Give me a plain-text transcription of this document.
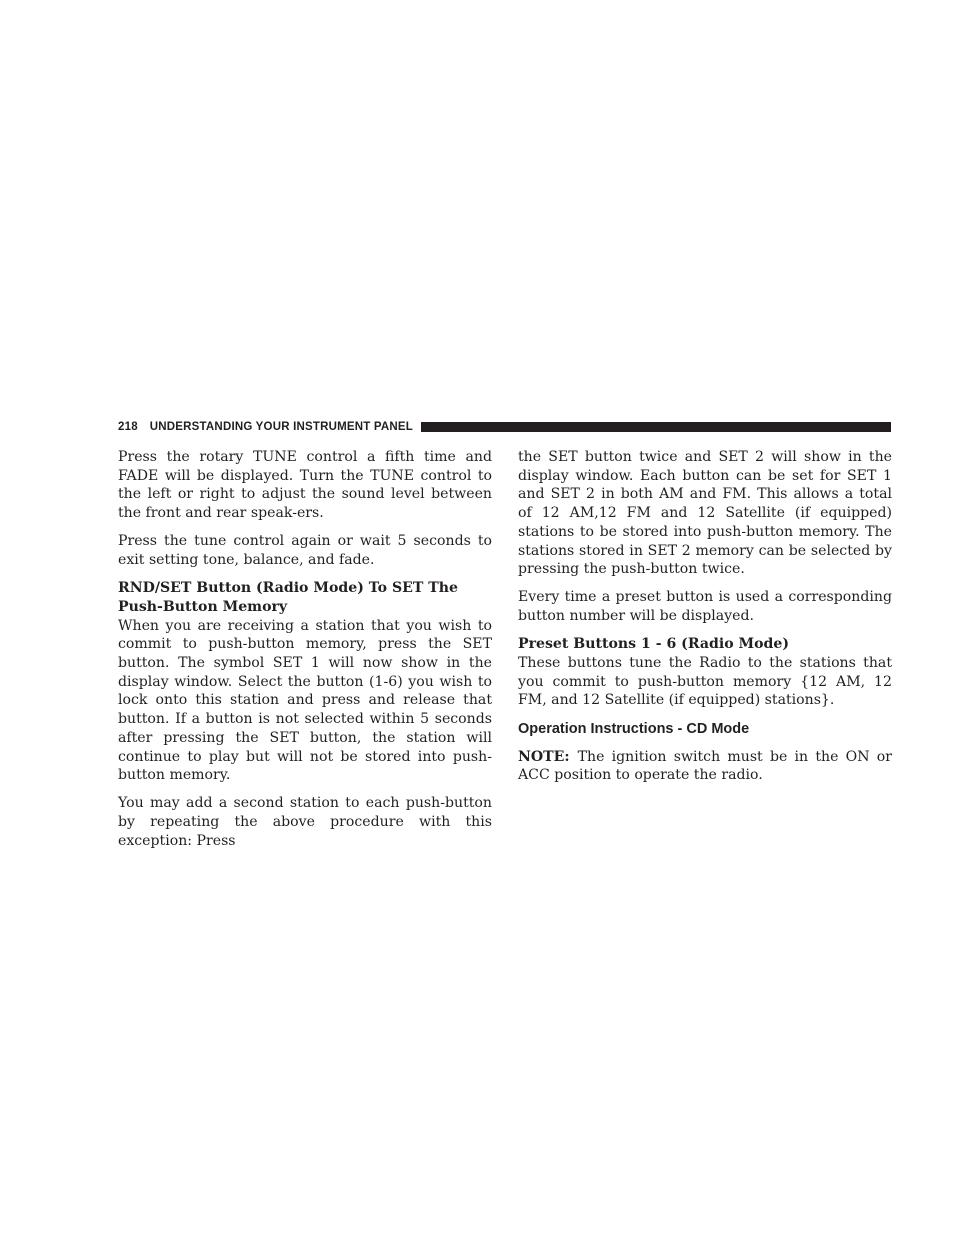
218 UNDERSTANDING YOUR INSTRUMENT PANEL

Press the rotary TUNE control a fifth time and FADE will be displayed. Turn the TUNE control to the left or right to adjust the sound level between the front and rear speak-ers.

Press the tune control again or wait 5 seconds to exit setting tone, balance, and fade.

RND/SET Button (Radio Mode) To SET The Push-Button Memory

When you are receiving a station that you wish to commit to push-button memory, press the SET button. The symbol SET 1 will now show in the display window. Select the button (1-6) you wish to lock onto this station and press and release that button. If a button is not selected within 5 seconds after pressing the SET button, the station will continue to play but will not be stored into push-button memory.

You may add a second station to each push-button by repeating the above procedure with this exception: Press

the SET button twice and SET 2 will show in the display window. Each button can be set for SET 1 and SET 2 in both AM and FM. This allows a total of 12 AM,12 FM and 12 Satellite (if equipped) stations to be stored into push-button memory. The stations stored in SET 2 memory can be selected by pressing the push-button twice.

Every time a preset button is used a corresponding button number will be displayed.

Preset Buttons 1 - 6 (Radio Mode)

These buttons tune the Radio to the stations that you commit to push-button memory {12 AM, 12 FM, and 12 Satellite (if equipped) stations}.

Operation Instructions - CD Mode

NOTE: The ignition switch must be in the ON or ACC position to operate the radio.
